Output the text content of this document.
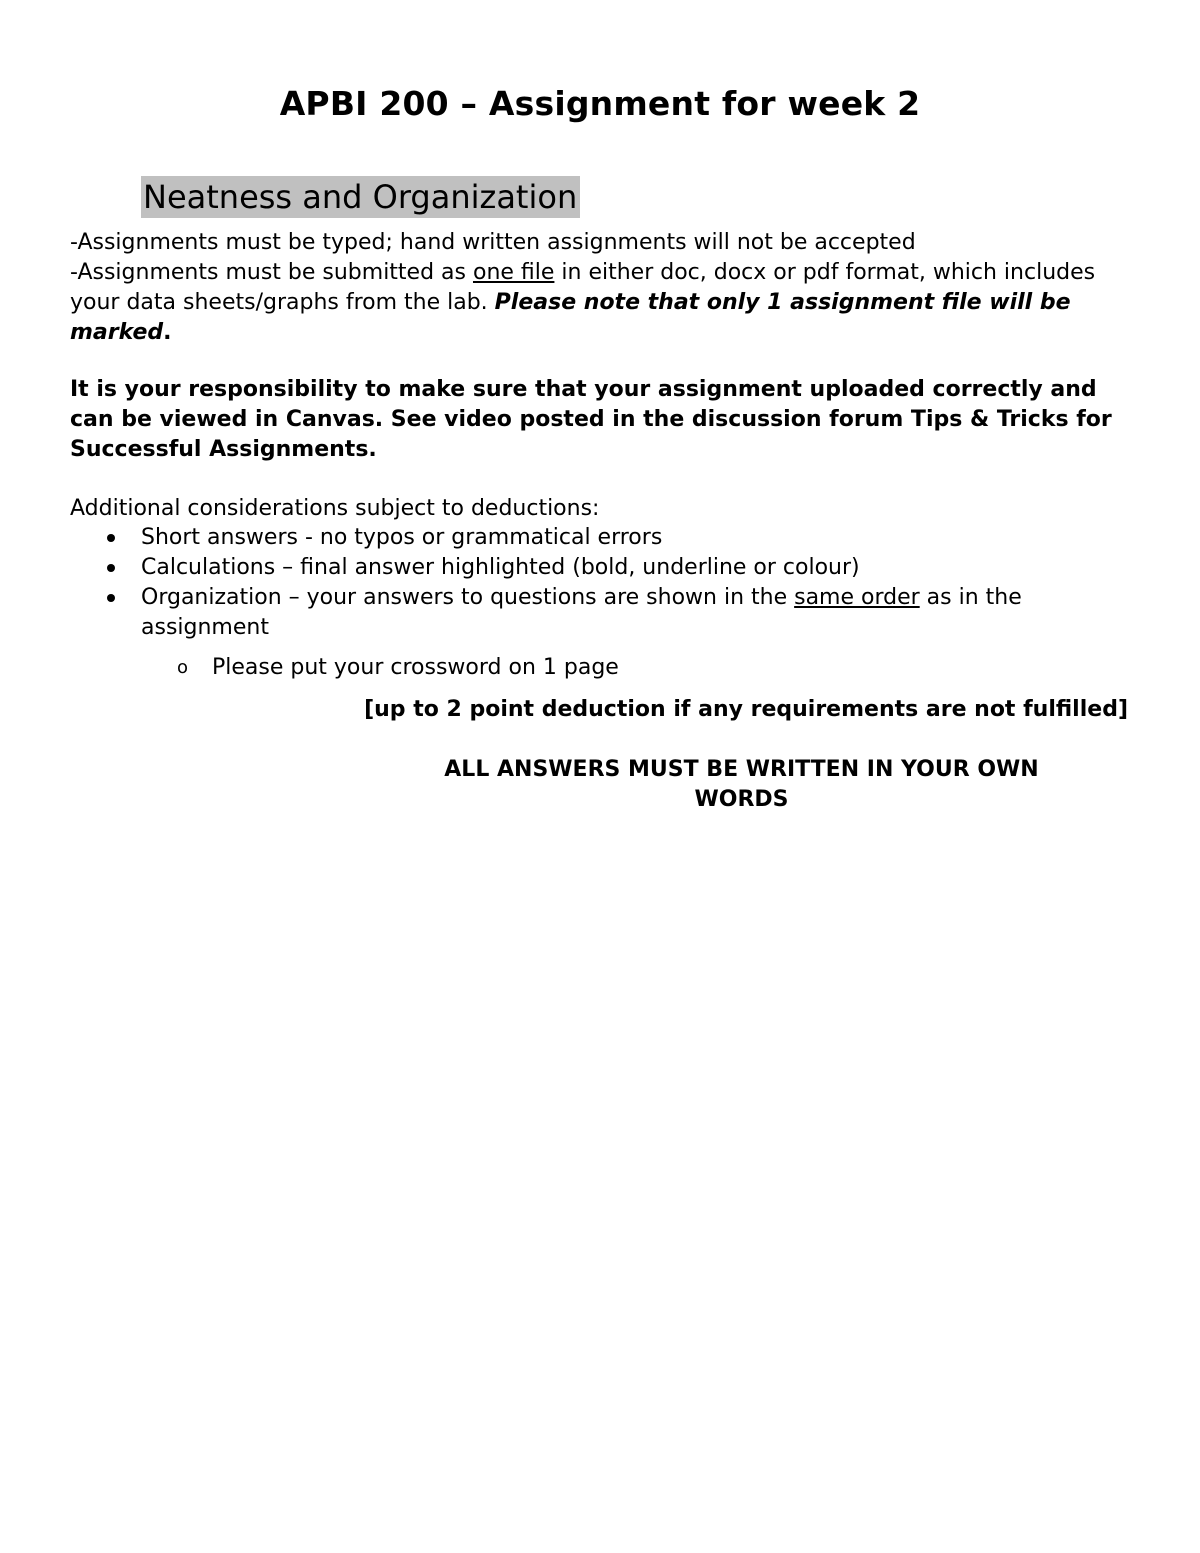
APBI 200 – Assignment for week 2
Neatness and Organization
-Assignments must be typed; hand written assignments will not be accepted
-Assignments must be submitted as one file in either doc, docx or pdf format, which includes your data sheets/graphs from the lab. Please note that only 1 assignment file will be marked.
It is your responsibility to make sure that your assignment uploaded correctly and can be viewed in Canvas. See video posted in the discussion forum Tips & Tricks for Successful Assignments.
Additional considerations subject to deductions:
Short answers - no typos or grammatical errors
Calculations – final answer highlighted (bold, underline or colour)
Organization – your answers to questions are shown in the same order as in the assignment
o Please put your crossword on 1 page
[up to 2 point deduction if any requirements are not fulfilled]
ALL ANSWERS MUST BE WRITTEN IN YOUR OWN WORDS
